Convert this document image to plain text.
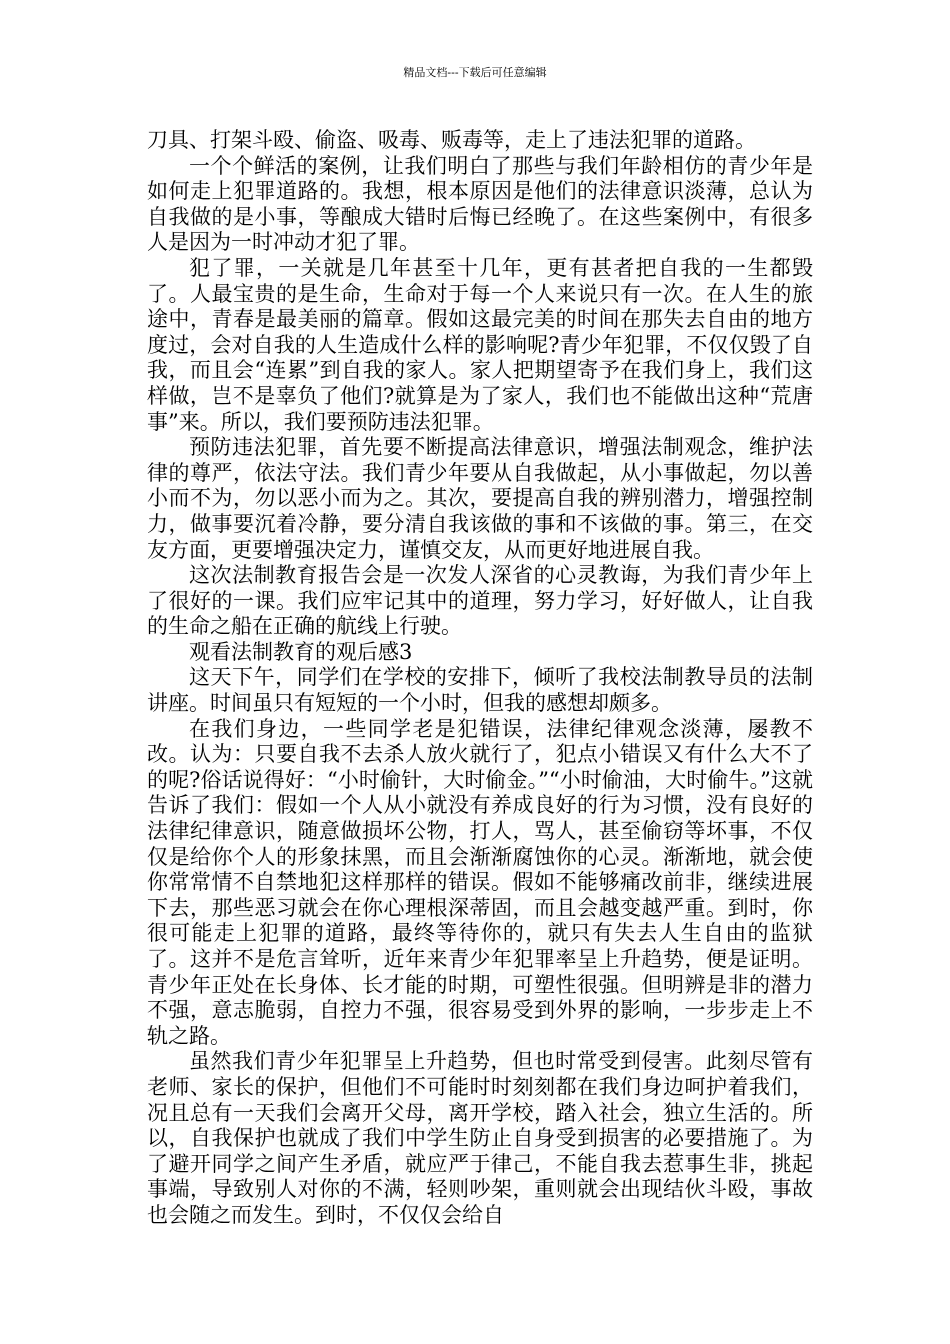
精品文档---下载后可任意编辑

刀具、打架斗殴、偷盗、吸毒、贩毒等，走上了违法犯罪的道路。

一个个鲜活的案例，让我们明白了那些与我们年龄相仿的青少年是如何走上犯罪道路的。我想，根本原因是他们的法律意识淡薄，总认为自我做的是小事，等酿成大错时后悔已经晚了。在这些案例中，有很多人是因为一时冲动才犯了罪。

犯了罪，一关就是几年甚至十几年，更有甚者把自我的一生都毁了。人最宝贵的是生命，生命对于每一个人来说只有一次。在人生的旅途中，青春是最美丽的篇章。假如这最完美的时间在那失去自由的地方度过，会对自我的人生造成什么样的影响呢?青少年犯罪，不仅仅毁了自我，而且会“连累”到自我的家人。家人把期望寄予在我们身上，我们这样做，岂不是辜负了他们?就算是为了家人，我们也不能做出这种“荒唐事”来。所以，我们要预防违法犯罪。

预防违法犯罪，首先要不断提高法律意识，增强法制观念，维护法律的尊严，依法守法。我们青少年要从自我做起，从小事做起，勿以善小而不为，勿以恶小而为之。其次，要提高自我的辨别潜力，增强控制力，做事要沉着冷静，要分清自我该做的事和不该做的事。第三，在交友方面，更要增强决定力，谨慎交友，从而更好地进展自我。

这次法制教育报告会是一次发人深省的心灵教诲，为我们青少年上了很好的一课。我们应牢记其中的道理，努力学习，好好做人，让自我的生命之船在正确的航线上行驶。

观看法制教育的观后感3

这天下午，同学们在学校的安排下，倾听了我校法制教导员的法制讲座。时间虽只有短短的一个小时，但我的感想却颇多。

在我们身边，一些同学老是犯错误，法律纪律观念淡薄，屡教不改。认为：只要自我不去杀人放火就行了，犯点小错误又有什么大不了的呢?俗话说得好：“小时偷针，大时偷金。”“小时偷油，大时偷牛。”这就告诉了我们：假如一个人从小就没有养成良好的行为习惯，没有良好的法律纪律意识，随意做损坏公物，打人，骂人，甚至偷窃等坏事，不仅仅是给你个人的形象抹黑，而且会渐渐腐蚀你的心灵。渐渐地，就会使你常常情不自禁地犯这样那样的错误。假如不能够痛改前非，继续进展下去，那些恶习就会在你心理根深蒂固，而且会越变越严重。到时，你很可能走上犯罪的道路，最终等待你的，就只有失去人生自由的监狱了。这并不是危言耸听，近年来青少年犯罪率呈上升趋势，便是证明。青少年正处在长身体、长才能的时期，可塑性很强。但明辨是非的潜力不强，意志脆弱，自控力不强，很容易受到外界的影响，一步步走上不轨之路。

虽然我们青少年犯罪呈上升趋势，但也时常受到侵害。此刻尽管有老师、家长的保护，但他们不可能时时刻刻都在我们身边呵护着我们，况且总有一天我们会离开父母，离开学校，踏入社会，独立生活的。所以，自我保护也就成了我们中学生防止自身受到损害的必要措施了。为了避开同学之间产生矛盾，就应严于律己，不能自我去惹事生非，挑起事端，导致别人对你的不满，轻则吵架，重则就会出现结伙斗殴，事故也会随之而发生。到时，不仅仅会给自
